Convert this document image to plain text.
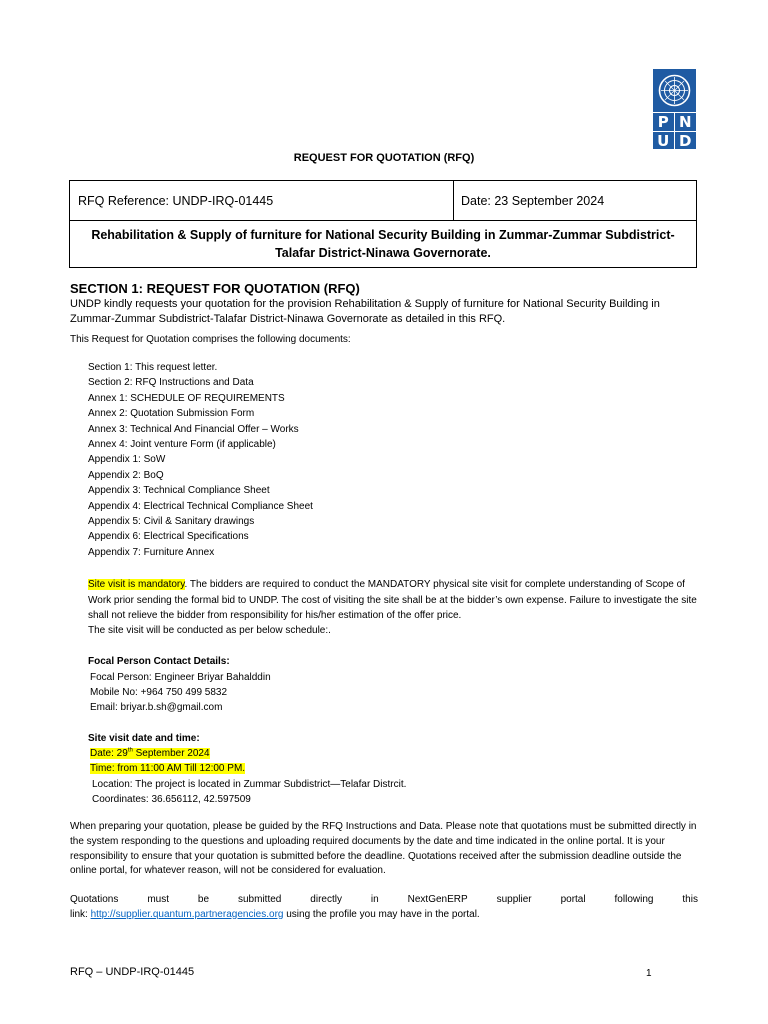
P N
U D
REQUEST FOR QUOTATION (RFQ)
RFQ Reference: UNDP-IRQ-01445	Date: 23 September 2024
Rehabilitation & Supply of furniture for National Security Building in Zummar-Zummar Subdistrict-Talafar District-Ninawa Governorate.
SECTION 1: REQUEST FOR QUOTATION (RFQ)
UNDP kindly requests your quotation for the provision Rehabilitation & Supply of furniture for National Security Building in Zummar-Zummar Subdistrict-Talafar District-Ninawa Governorate as detailed in this RFQ.
This Request for Quotation comprises the following documents:
Section 1: This request letter.
Section 2: RFQ Instructions and Data
Annex 1: SCHEDULE OF REQUIREMENTS
Annex 2: Quotation Submission Form
Annex 3: Technical And Financial Offer – Works
Annex 4: Joint venture Form (if applicable)
Appendix 1: SoW
Appendix 2: BoQ
Appendix 3: Technical Compliance Sheet
Appendix 4: Electrical Technical Compliance Sheet
Appendix 5: Civil & Sanitary drawings
Appendix 6: Electrical Specifications
Appendix 7: Furniture Annex
Site visit is mandatory. The bidders are required to conduct the MANDATORY physical site visit for complete understanding of Scope of Work prior sending the formal bid to UNDP. The cost of visiting the site shall be at the bidder’s own expense. Failure to investigate the site shall not relieve the bidder from responsibility for his/her estimation of the offer price.
The site visit will be conducted as per below schedule:.
Focal Person Contact Details:
Focal Person: Engineer Briyar Bahalddin
Mobile No: +964 750 499 5832
Email: briyar.b.sh@gmail.com
Site visit date and time:
Date: 29th September 2024
Time: from 11:00 AM Till 12:00 PM.
Location: The project is located in Zummar Subdistrict—Telafar Distrcit.
Coordinates: 36.656112, 42.597509
When preparing your quotation, please be guided by the RFQ Instructions and Data. Please note that quotations must be submitted directly in the system responding to the questions and uploading required documents by the date and time indicated in the online portal. It is your responsibility to ensure that your quotation is submitted before the deadline. Quotations received after the submission deadline outside the online portal, for whatever reason, will not be considered for evaluation.
Quotations	must	be	submitted	directly	in	NextGenERP	supplier	portal	following	this
link: http://supplier.quantum.partneragencies.org using the profile you may have in the portal.
RFQ – UNDP-IRQ-01445	1
